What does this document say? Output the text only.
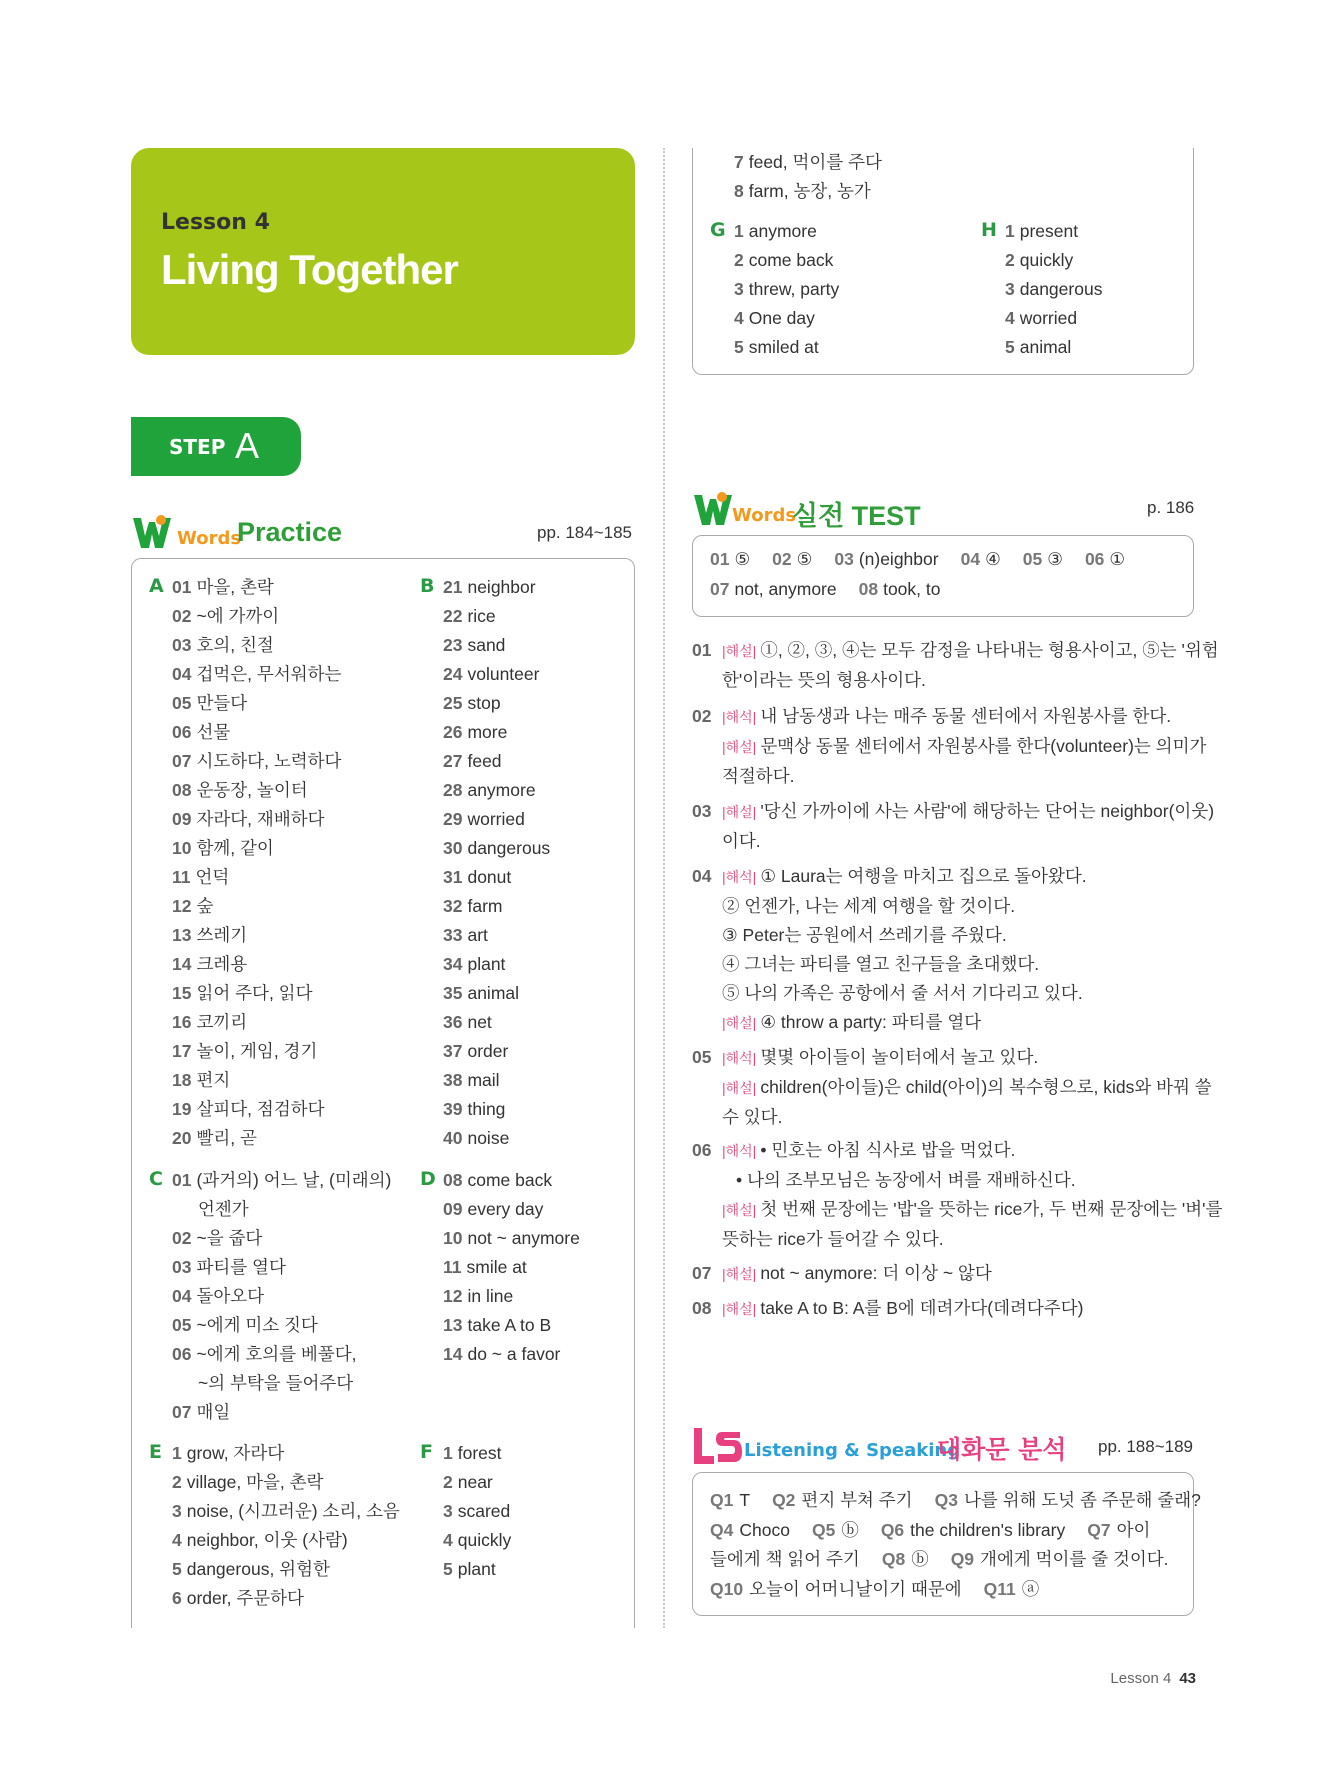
Lesson 4
Living Together
STEP A
Words
Practice	pp. 184~185
A 01 마을, 촌락
02 ~에 가까이
03 호의, 친절
04 겁먹은, 무서워하는
05 만들다
06 선물
07 시도하다, 노력하다
08 운동장, 놀이터
09 자라다, 재배하다
10 함께, 같이
11 언덕
12 숲
13 쓰레기
14 크레용
15 읽어 주다, 읽다
16 코끼리
17 놀이, 게임, 경기
18 편지
19 살피다, 점검하다
20 빨리, 곧
B 21 neighbor
22 rice
23 sand
24 volunteer
25 stop
26 more
27 feed
28 anymore
29 worried
30 dangerous
31 donut
32 farm
33 art
34 plant
35 animal
36 net
37 order
38 mail
39 thing
40 noise
C 01 (과거의) 어느 날, (미래의)
언젠가
02 ~을 줍다
03 파티를 열다
04 돌아오다
05 ~에게 미소 짓다
06 ~에게 호의를 베풀다,
~의 부탁을 들어주다
07 매일
D 08 come back
09 every day
10 not ~ anymore
11 smile at
12 in line
13 take A to B
14 do ~ a favor
E 1 grow, 자라다
2 village, 마을, 촌락
3 noise, (시끄러운) 소리, 소음
4 neighbor, 이웃 (사람)
5 dangerous, 위험한
6 order, 주문하다
F 1 forest
2 near
3 scared
4 quickly
5 plant
7 feed, 먹이를 주다
8 farm, 농장, 농가
G 1 anymore
2 come back
3 threw, party
4 One day
5 smiled at
H 1 present
2 quickly
3 dangerous
4 worried
5 animal
Words
실전 TEST	p. 186
01 ⑤ 02 ⑤ 03 (n)eighbor 04 ④ 05 ③ 06 ①
07 not, anymore 08 took, to
01 |해설| ①, ②, ③, ④는 모두 감정을 나타내는 형용사이고, ⑤는 '위험
한'이라는 뜻의 형용사이다.
02 |해석| 내 남동생과 나는 매주 동물 센터에서 자원봉사를 한다.
|해설| 문맥상 동물 센터에서 자원봉사를 한다(volunteer)는 의미가
적절하다.
03 |해설| '당신 가까이에 사는 사람'에 해당하는 단어는 neighbor(이웃)
이다.
04 |해석| ① Laura는 여행을 마치고 집으로 돌아왔다.
② 언젠가, 나는 세계 여행을 할 것이다.
③ Peter는 공원에서 쓰레기를 주웠다.
④ 그녀는 파티를 열고 친구들을 초대했다.
⑤ 나의 가족은 공항에서 줄 서서 기다리고 있다.
|해설| ④ throw a party: 파티를 열다
05 |해석| 몇몇 아이들이 놀이터에서 놀고 있다.
|해설| children(아이들)은 child(아이)의 복수형으로, kids와 바꿔 쓸
수 있다.
06 |해석| • 민호는 아침 식사로 밥을 먹었다.
• 나의 조부모님은 농장에서 벼를 재배하신다.
|해설| 첫 번째 문장에는 '밥'을 뜻하는 rice가, 두 번째 문장에는 '벼'를
뜻하는 rice가 들어갈 수 있다.
07 |해설| not ~ anymore: 더 이상 ~ 않다
08 |해설| take A to B: A를 B에 데려가다(데려다주다)
Listening & Speaking
대화문 분석 pp. 188~189
Q1 T Q2 편지 부쳐 주기 Q3 나를 위해 도넛 좀 주문해 줄래?
Q4 Choco Q5 ⓑ Q6 the children's library Q7 아이
들에게 책 읽어 주기 Q8 ⓑ Q9 개에게 먹이를 줄 것이다.
Q10 오늘이 어머니날이기 때문에 Q11 ⓐ
Lesson 4 43
